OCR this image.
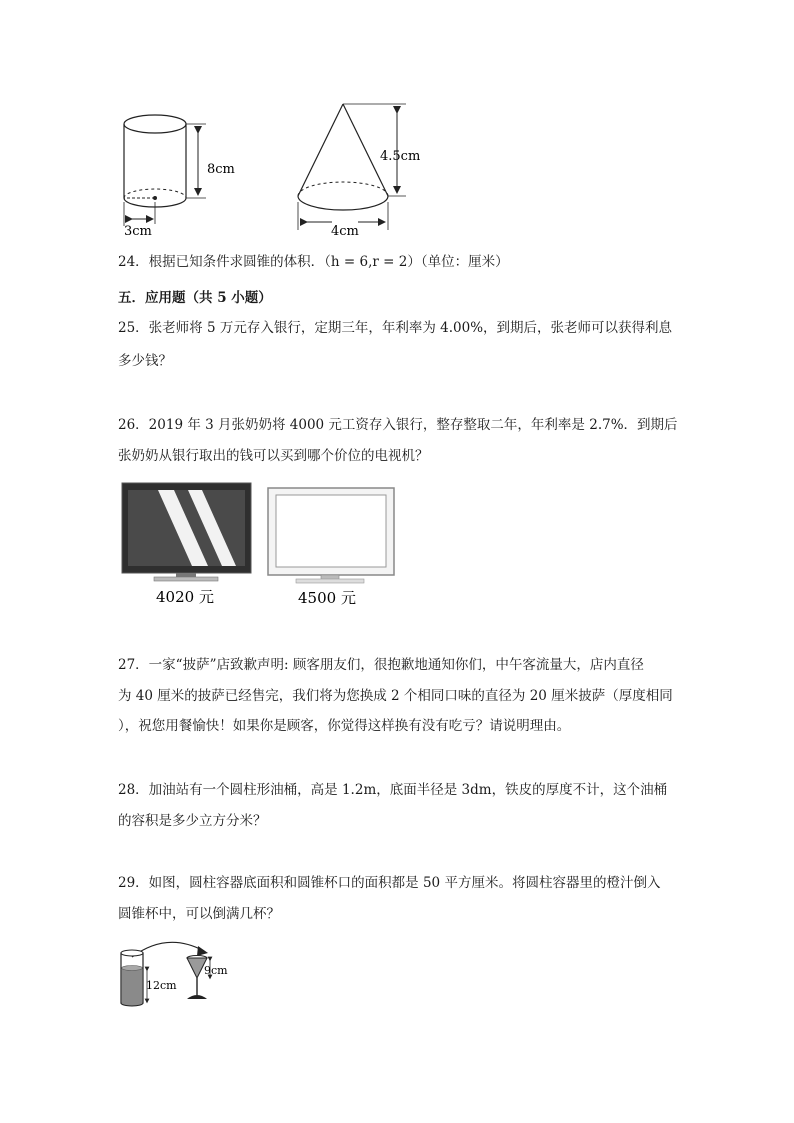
8cm
3cm
4.5cm
4cm
24．根据已知条件求圆锥的体积．（h = 6,r = 2）（单位：厘米）
五．应用题（共 5 小题）
25．张老师将 5 万元存入银行，定期三年，年利率为 4.00%，到期后，张老师可以获得利息
多少钱？
26．2019 年 3 月张奶奶将 4000 元工资存入银行，整存整取二年，年利率是 2.7%．到期后
张奶奶从银行取出的钱可以买到哪个价位的电视机？
4020 元	4500 元
27．一家“披萨”店致歉声明: 顾客朋友们，很抱歉地通知你们，中午客流量大，店内直径
为 40 厘米的披萨已经售完，我们将为您换成 2 个相同口味的直径为 20 厘米披萨（厚度相同
），祝您用餐愉快！如果你是顾客，你觉得这样换有没有吃亏？请说明理由。
28．加油站有一个圆柱形油桶，高是 1.2m，底面半径是 3dm，铁皮的厚度不计，这个油桶
的容积是多少立方分米？
29．如图，圆柱容器底面积和圆锥杯口的面积都是 50 平方厘米。将圆柱容器里的橙汁倒入
圆锥杯中，可以倒满几杯？
12cm
9cm
